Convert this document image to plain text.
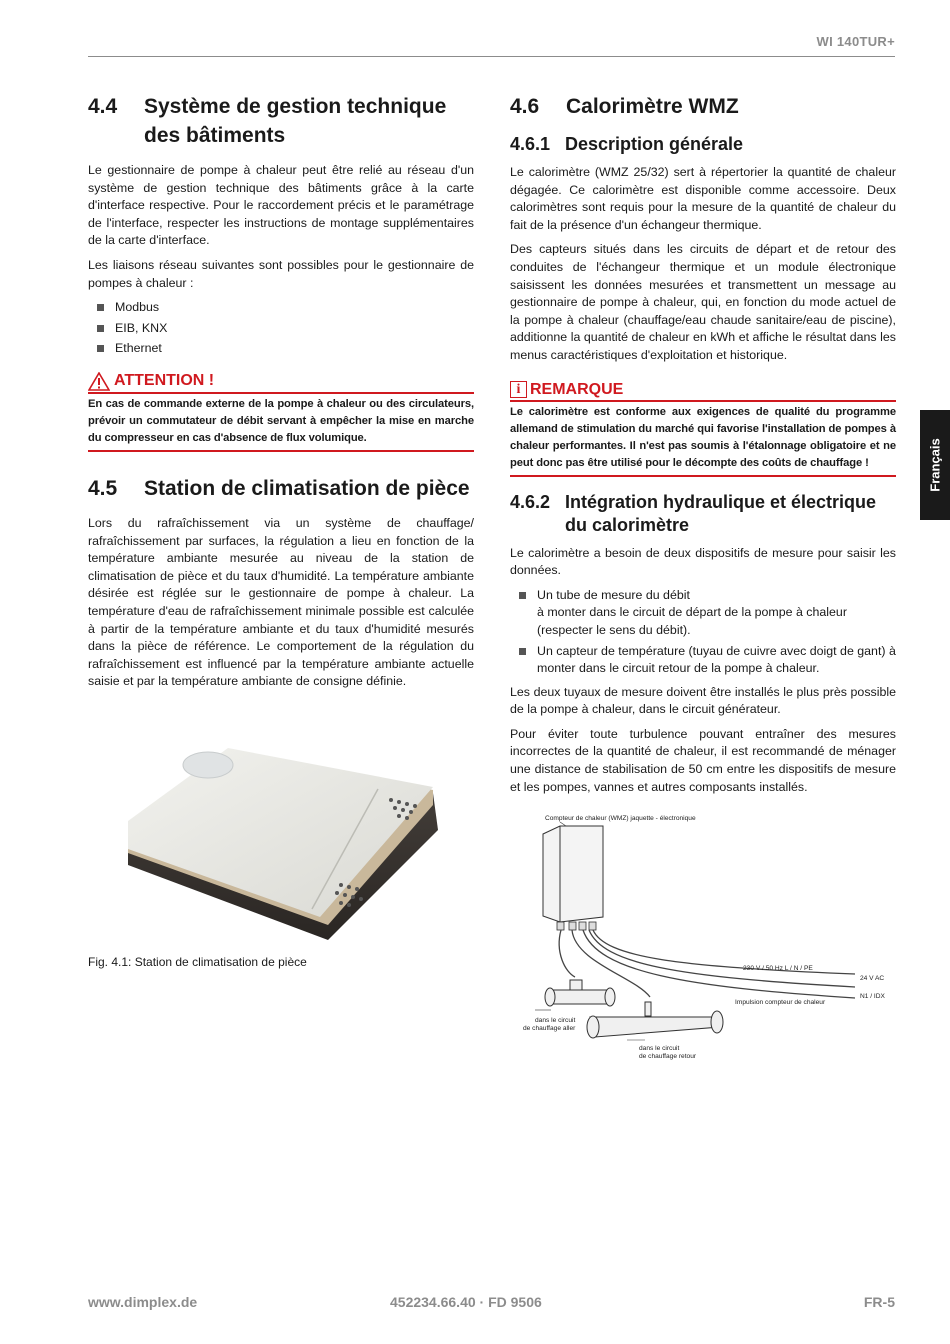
WI 140TUR+
Français
4.4	Système de gestion technique des bâtiments

Le gestionnaire de pompe à chaleur peut être relié au réseau d'un système de gestion technique des bâtiments grâce à la carte d'interface respective. Pour le raccordement précis et le paramétrage de l'interface, respecter les instructions de montage supplémentaires de la carte d'interface.

Les liaisons réseau suivantes sont possibles pour le gestionnaire de pompes à chaleur :

Modbus
EIB, KNX
Ethernet
ATTENTION !
En cas de commande externe de la pompe à chaleur ou des circulateurs, prévoir un commutateur de débit servant à empêcher la mise en marche du compresseur en cas d'absence de flux volumique.
4.5	Station de climatisation de pièce

Lors du rafraîchissement via un système de chauffage/ rafraîchissement par surfaces, la régulation a lieu en fonction de la température ambiante mesurée au niveau de la station de climatisation de pièce et du taux d'humidité. La température ambiante désirée est réglée sur le gestionnaire de pompe à chaleur. La température d'eau de rafraîchissement minimale possible est calculée à partir de la température ambiante et du taux d'humidité mesurés dans la pièce de référence. Le comportement de la régulation du rafraîchissement est influencé par la température ambiante actuelle saisie et par la température ambiante de consigne définie.

Fig. 4.1: Station de climatisation de pièce
4.6	Calorimètre WMZ
4.6.1 Description générale

Le calorimètre (WMZ 25/32) sert à répertorier la quantité de chaleur dégagée. Ce calorimètre est disponible comme accessoire. Deux calorimètres sont requis pour la mesure de la quantité de chaleur du fait de la présence d'un échangeur thermique.

Des capteurs situés dans les circuits de départ et de retour des conduites de l'échangeur thermique et un module électronique saisissent les données mesurées et transmettent un message au gestionnaire de pompe à chaleur, qui, en fonction du mode actuel de la pompe à chaleur (chauffage/eau chaude sanitaire/eau de piscine), additionne la quantité de chaleur en kWh et affiche le résultat dans les menus caractéristiques d'exploitation et historique.

i REMARQUE
Le calorimètre est conforme aux exigences de qualité du programme allemand de stimulation du marché qui favorise l'installation de pompes à chaleur performantes. Il n'est pas soumis à l'étalonnage obligatoire et ne peut donc pas être utilisé pour le décompte des coûts de chauffage !
4.6.2 Intégration hydraulique et électrique du calorimètre

Le calorimètre a besoin de deux dispositifs de mesure pour saisir les données.

Un tube de mesure du débit
à monter dans le circuit de départ de la pompe à chaleur (respecter le sens du débit).
Un capteur de température (tuyau de cuivre avec doigt de gant) à monter dans le circuit retour de la pompe à chaleur.

Les deux tuyaux de mesure doivent être installés le plus près possible de la pompe à chaleur, dans le circuit générateur.

Pour éviter toute turbulence pouvant entraîner des mesures incorrectes de la quantité de chaleur, il est recommandé de ménager une distance de stabilisation de 50 cm entre les dispositifs de mesure et les pompes, vannes et autres composants installés.

Compteur de chaleur (WMZ) jaquette - électronique
230 V / 50 Hz L / N / PE
24 V AC
N1 / IDX
Impulsion compteur de chaleur
dans le circuit
de chauffage aller
dans le circuit
de chauffage retour
www.dimplex.de	452234.66.40 · FD 9506	FR-5
